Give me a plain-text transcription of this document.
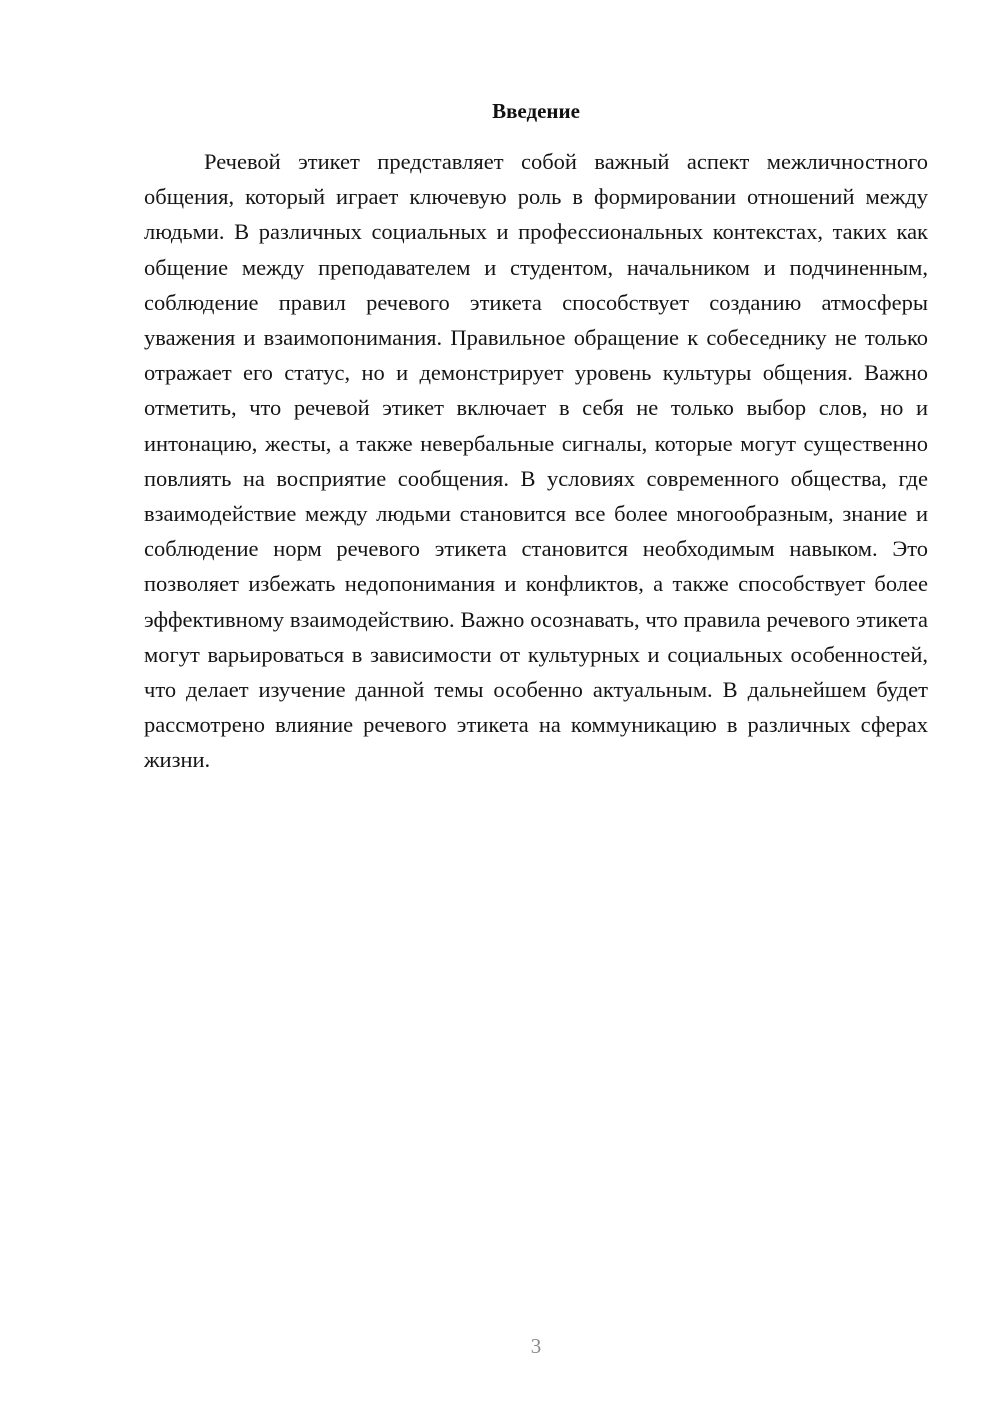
Введение

Речевой этикет представляет собой важный аспект межличностного общения, который играет ключевую роль в формировании отношений между людьми. В различных социальных и профессиональных контекстах, таких как общение между преподавателем и студентом, начальником и подчиненным, соблюдение правил речевого этикета способствует созданию атмосферы уважения и взаимопонимания. Правильное обращение к собеседнику не только отражает его статус, но и демонстрирует уровень культуры общения. Важно отметить, что речевой этикет включает в себя не только выбор слов, но и интонацию, жесты, а также невербальные сигналы, которые могут существенно повлиять на восприятие сообщения. В условиях современного общества, где взаимодействие между людьми становится все более многообразным, знание и соблюдение норм речевого этикета становится необходимым навыком. Это позволяет избежать недопонимания и конфликтов, а также способствует более эффективному взаимодействию. Важно осознавать, что правила речевого этикета могут варьироваться в зависимости от культурных и социальных особенностей, что делает изучение данной темы особенно актуальным. В дальнейшем будет рассмотрено влияние речевого этикета на коммуникацию в различных сферах жизни.

3
